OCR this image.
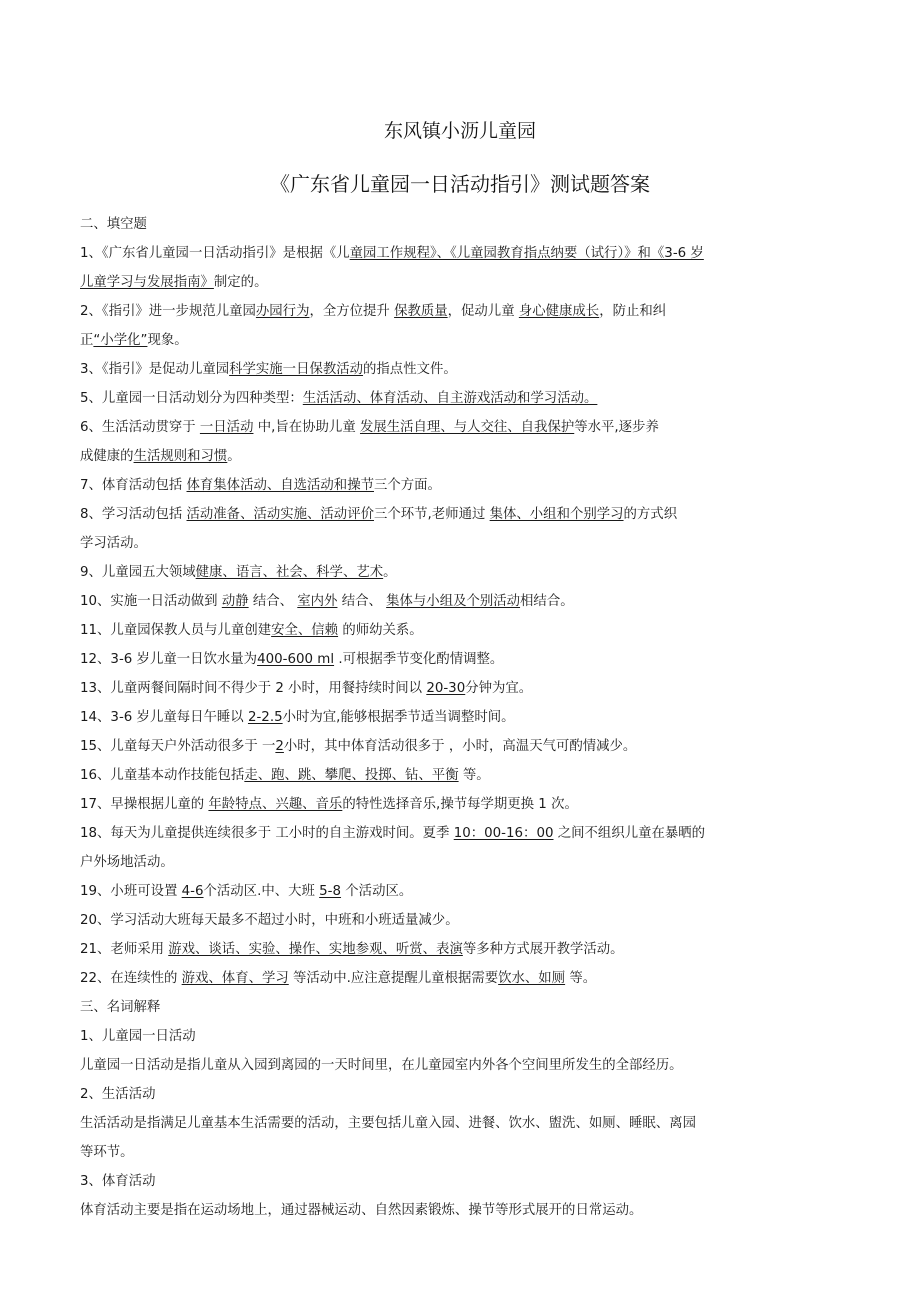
东风镇小沥儿童园
《广东省儿童园一日活动指引》测试题答案
二、填空题
1、《广东省儿童园一日活动指引》是根据《儿童园工作规程》、《儿童园教育指点纳要（试行）》和《3-6 岁
儿童学习与发展指南》制定的。
2、《指引》进一步规范儿童园办园行为，全方位提升 保教质量，促动儿童 身心健康成长，防止和纠
正“小学化”现象。
3、《指引》是促动儿童园科学实施一日保教活动的指点性文件。
5、儿童园一日活动划分为四种类型：生活活动、体育活动、自主游戏活动和学习活动。
6、生活活动贯穿于 一日活动 中,旨在协助儿童 发展生活自理、与人交往、自我保护等水平,逐步养
成健康的生活规则和习惯。
7、体育活动包括 体育集体活动、自选活动和操节三个方面。
8、学习活动包括 活动准备、活动实施、活动评价三个环节,老师通过 集体、小组和个别学习的方式织
学习活动。
9、儿童园五大领域健康、语言、社会、科学、艺术。
10、实施一日活动做到 动静 结合、 室内外 结合、 集体与小组及个别活动相结合。
11、儿童园保教人员与儿童创建安全、信赖 的师幼关系。
12、3-6 岁儿童一日饮水量为400-600 ml .可根据季节变化酌情调整。
13、儿童两餐间隔时间不得少于 2 小时，用餐持续时间以 20-30分钟为宜。
14、3-6 岁儿童每日午睡以 2-2.5小时为宜,能够根据季节适当调整时间。
15、儿童每天户外活动很多于 一2小时，其中体育活动很多于 ，小时，高温天气可酌情减少。
16、儿童基本动作技能包括走、跑、跳、攀爬、投掷、钻、平衡 等。
17、早操根据儿童的 年龄特点、兴趣、音乐的特性选择音乐,操节每学期更换 1 次。
18、每天为儿童提供连续很多于 工小时的自主游戏时间。夏季 10：00-16：00 之间不组织儿童在暴晒的
户外场地活动。
19、小班可设置 4-6个活动区.中、大班 5-8 个活动区。
20、学习活动大班每天最多不超过小时，中班和小班适量减少。
21、老师采用 游戏、谈话、实验、操作、实地参观、听赏、表演等多种方式展开教学活动。
22、在连续性的 游戏、体育、学习 等活动中.应注意提醒儿童根据需要饮水、如厕 等。
三、名词解释
1、儿童园一日活动
儿童园一日活动是指儿童从入园到离园的一天时间里，在儿童园室内外各个空间里所发生的全部经历。
2、生活活动
生活活动是指满足儿童基本生活需要的活动，主要包括儿童入园、进餐、饮水、盥洗、如厕、睡眠、离园
等环节。
3、体育活动
体育活动主要是指在运动场地上，通过器械运动、自然因素锻炼、操节等形式展开的日常运动。
